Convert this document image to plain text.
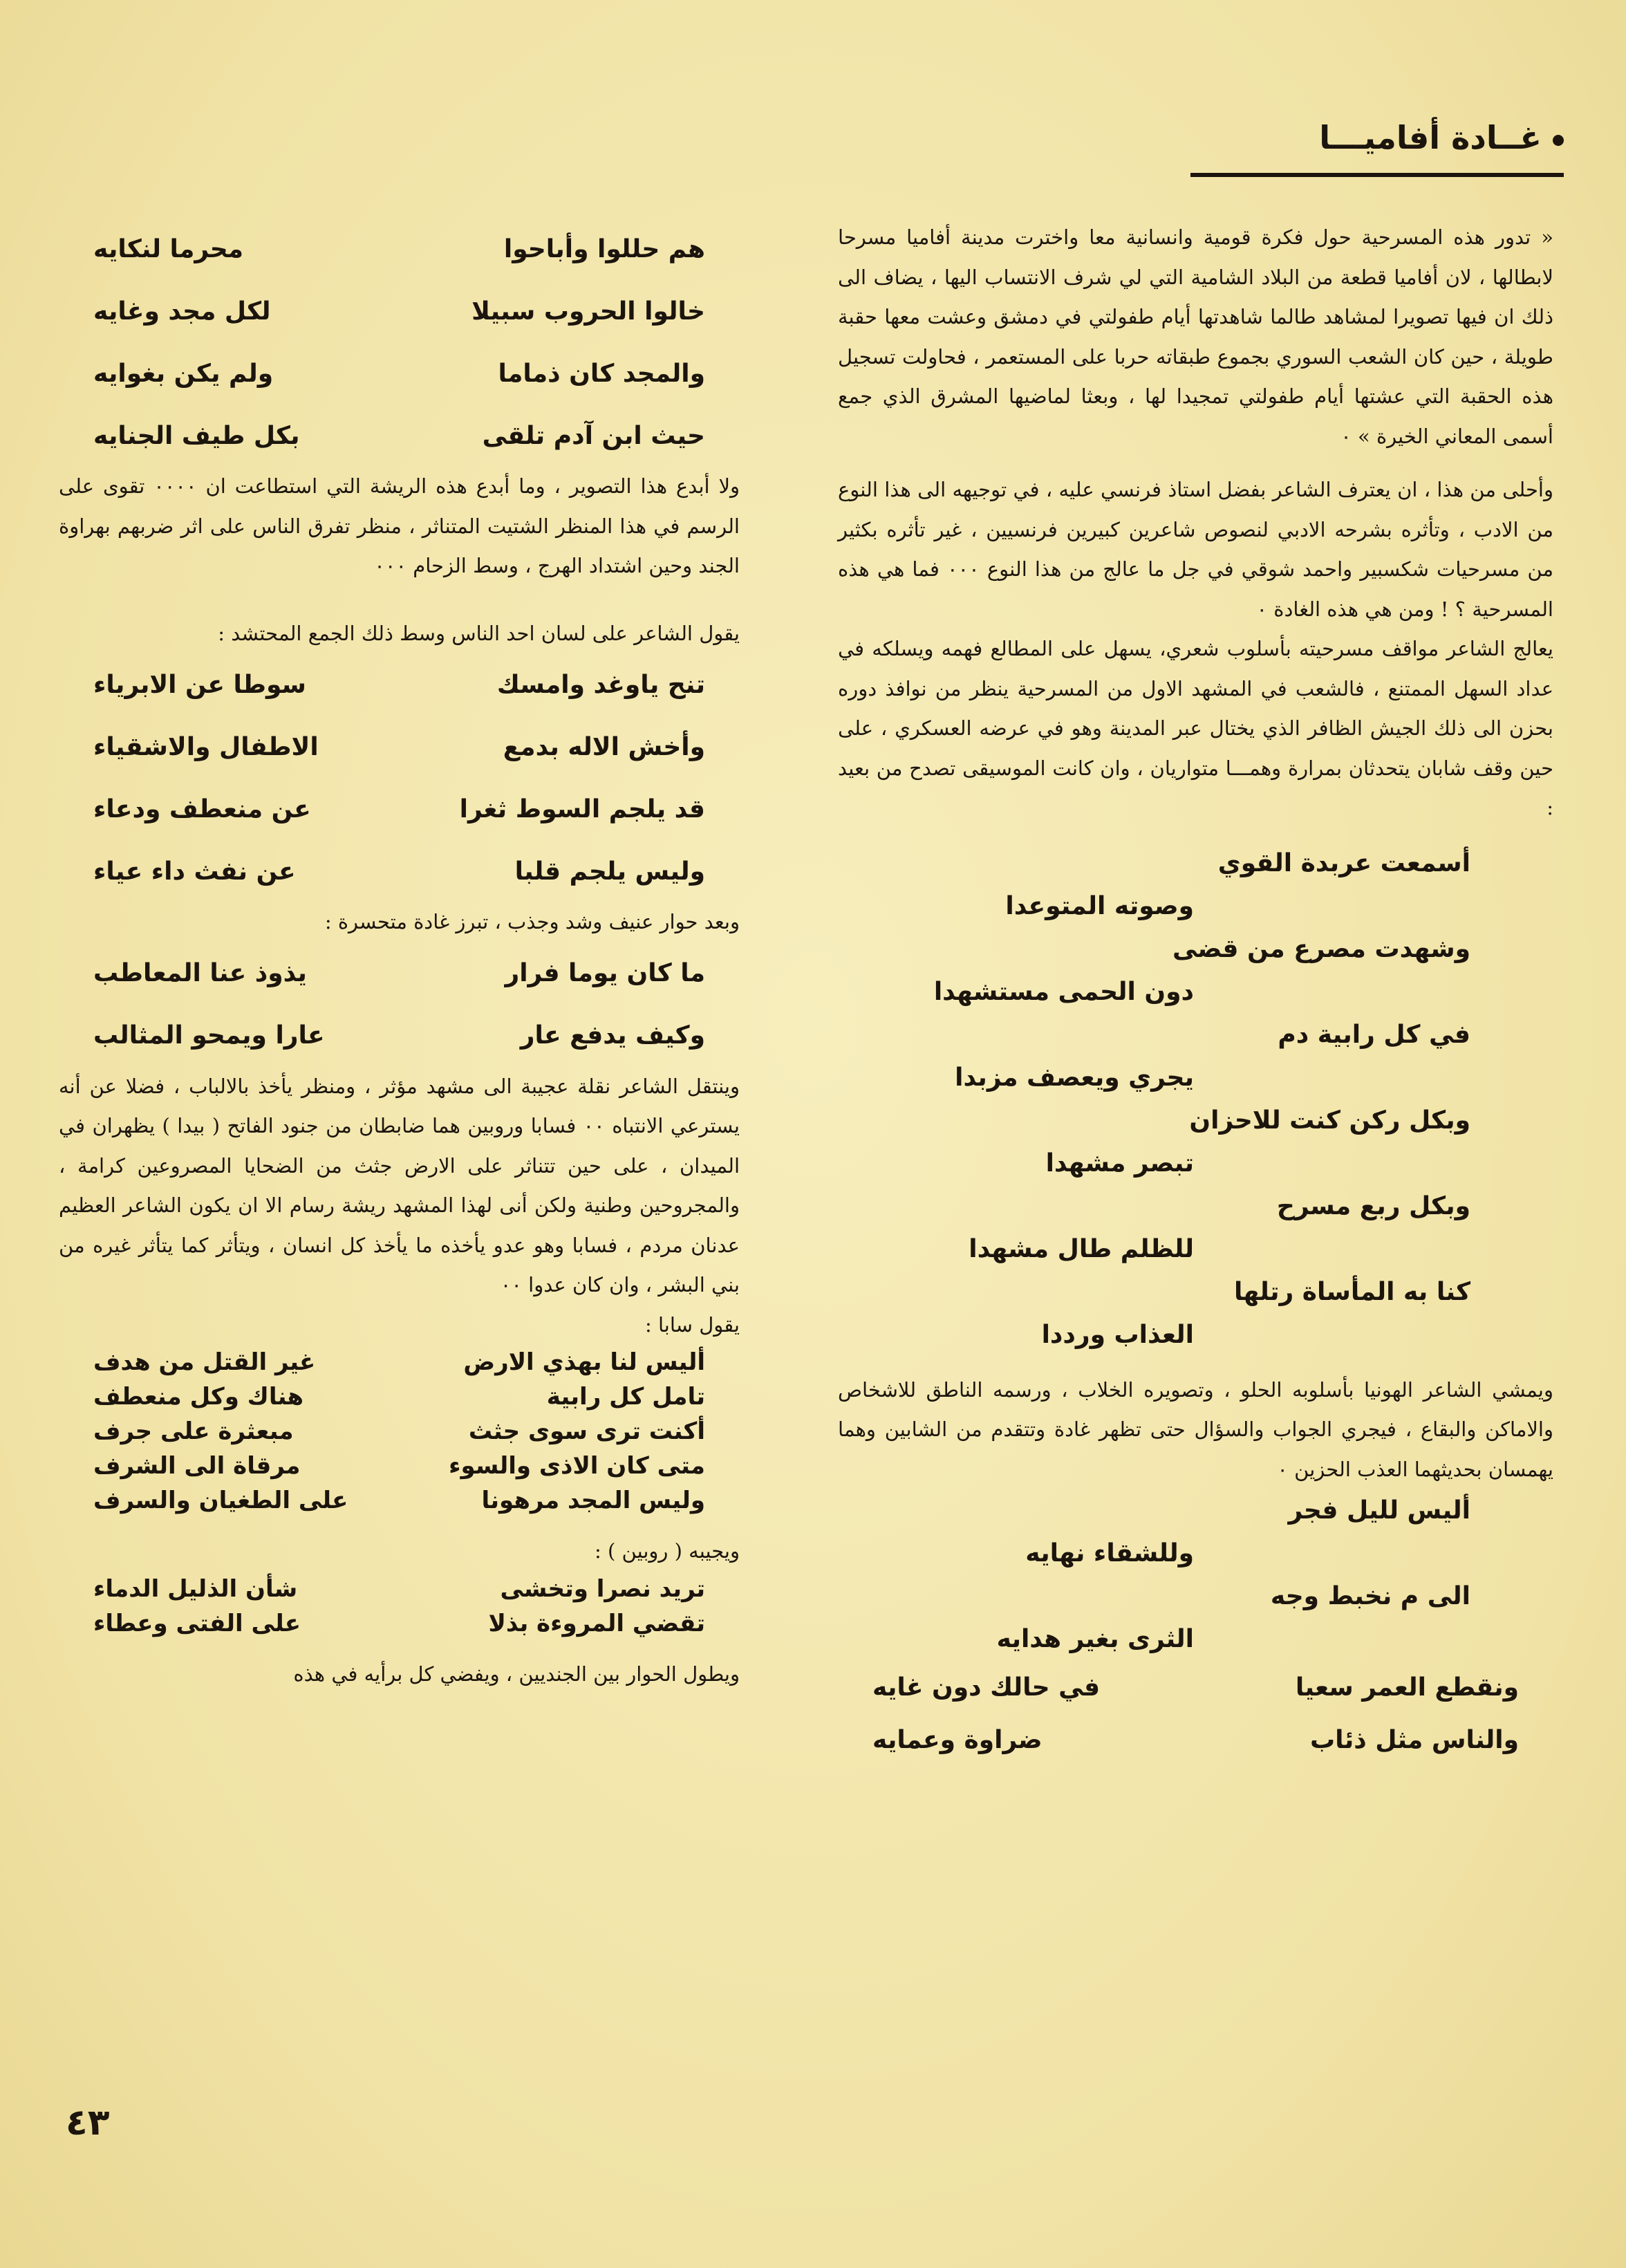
غــادة أفاميـــا

« تدور هذه المسرحية حول فكرة قومية وانسانية معا واخترت مدينة أفاميا مسرحا لابطالها ، لان أفاميا قطعة من البلاد الشامية التي لي شرف الانتساب اليها ، يضاف الى ذلك ان فيها تصويرا لمشاهد طالما شاهدتها أيام طفولتي في دمشق وعشت معها حقبة طويلة ، حين كان الشعب السوري بجموع طبقاته حربا على المستعمر ، فحاولت تسجيل هذه الحقبة التي عشتها أيام طفولتي تمجيدا لها ، وبعثا لماضيها المشرق الذي جمع أسمى المعاني الخيرة » ٠

وأحلى من هذا ، ان يعترف الشاعر بفضل استاذ فرنسي عليه ، في توجيهه الى هذا النوع من الادب ، وتأثره بشرحه الادبي لنصوص شاعرين كبيرين فرنسيين ، غير تأثره بكثير من مسرحيات شكسبير واحمد شوقي في جل ما عالج من هذا النوع ٠٠٠ فما هي هذه المسرحية ؟ ! ومن هي هذه الغادة ٠

يعالج الشاعر مواقف مسرحيته بأسلوب شعري، يسهل على المطالع فهمه ويسلكه في عداد السهل الممتنع ، فالشعب في المشهد الاول من المسرحية ينظر من نوافذ دوره بحزن الى ذلك الجيش الظافر الذي يختال عبر المدينة وهو في عرضه العسكري ، على حين وقف شابان يتحدثان بمرارة وهمـــا متواريان ، وان كانت الموسيقى تصدح من بعيد :

أسمعت عربدة القوي
وصوته المتوعدا
وشهدت مصرع من قضى
دون الحمى مستشهدا
في كل رابية دم
يجري ويعصف مزبدا
وبكل ركن كنت للاحزان
تبصر مشهدا
وبكل ربع مسرح
للظلم طال مشهدا
كنا به المأساة رتلها
العذاب ورددا

ويمشي الشاعر الهونيا بأسلوبه الحلو ، وتصويره الخلاب ، ورسمه الناطق للاشخاص والاماكن والبقاع ، فيجري الجواب والسؤال حتى تظهر غادة وتتقدم من الشابين وهما يهمسان بحديثهما العذب الحزين ٠

أليس لليل فجر
وللشقاء نهايه
الى م نخبط وجه
الثرى بغير هدايه
ونقطع العمر سعيا
في حالك دون غايه
والناس مثل ذئاب
ضراوة وعمايه
هم حللوا وأباحوا
محرما لنكايه
خالوا الحروب سبيلا
لكل مجد وغايه
والمجد كان ذماما
ولم يكن بغوايه
حيث ابن آدم تلقى
بكل طيف الجنايه

ولا أبدع هذا التصوير ، وما أبدع هذه الريشة التي استطاعت ان ٠٠٠٠ تقوى على الرسم في هذا المنظر الشتيت المتناثر ، منظر تفرق الناس على اثر ضربهم بهراوة الجند وحين اشتداد الهرج ، وسط الزحام ٠٠٠

يقول الشاعر على لسان احد الناس وسط ذلك الجمع المحتشد :

تنح ياوغد وامسك
سوطا عن الابرياء
وأخش الاله بدمع
الاطفال والاشقياء
قد يلجم السوط ثغرا
عن منعطف ودعاء
وليس يلجم قلبا
عن نفث داء عياء

وبعد حوار عنيف وشد وجذب ، تبرز غادة متحسرة :

ما كان يوما فرار
يذوذ عنا المعاطب
وكيف يدفع عار
عارا ويمحو المثالب

وينتقل الشاعر نقلة عجيبة الى مشهد مؤثر ، ومنظر يأخذ بالالباب ، فضلا عن أنه يسترعي الانتباه ٠٠ فسابا وروبين هما ضابطان من جنود الفاتح ( بيدا ) يظهران في الميدان ، على حين تتناثر على الارض جثث من الضحايا المصروعين كرامة ، والمجروحين وطنية ولكن أنى لهذا المشهد ريشة رسام الا ان يكون الشاعر العظيم عدنان مردم ، فسابا وهو عدو يأخذه ما يأخذ كل انسان ، ويتأثر كما يتأثر غيره من بني البشر ، وان كان عدوا ٠٠

يقول سابا :

أليس لنا بهذي الارض
غير القتل من هدف
تامل كل رابية
هناك وكل منعطف
أكنت ترى سوى جثث
مبعثرة على جرف
متى كان الاذى والسوء
مرقاة الى الشرف
وليس المجد مرهونا
على الطغيان والسرف

ويجيبه ( روبين ) :

تريد نصرا وتخشى
شأن الذليل الدماء
تقضي المروءة بذلا
على الفتى وعطاء

ويطول الحوار بين الجنديين ، ويفضي كل برأيه في هذه

٤٣
